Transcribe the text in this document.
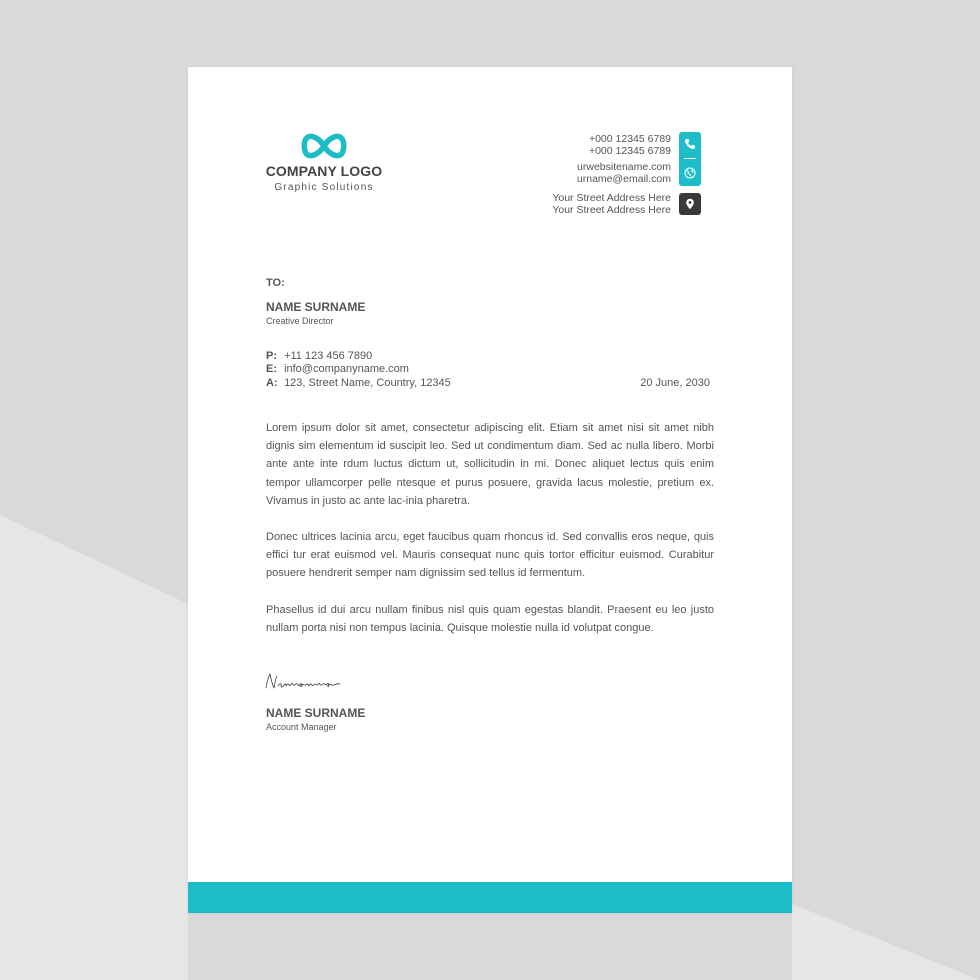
COMPANY LOGO
Graphic Solutions
+000 12345 6789
+000 12345 6789
urwebsitename.com
urname@email.com
Your Street Address Here
Your Street Address Here
TO:
NAME SURNAME
Creative Director
P: +11 123 456 7890
E: info@companyname.com
A: 123, Street Name, Country, 12345	20 June, 2030

Lorem ipsum dolor sit amet, consectetur adipiscing elit. Etiam sit amet nisi sit amet nibh dignis sim elementum id suscipit leo. Sed ut condimentum diam. Sed ac nulla libero. Morbi ante ante inte rdum luctus dictum ut, sollicitudin in mi. Donec aliquet lectus quis enim tempor ullamcorper pelle ntesque et purus posuere, gravida lacus molestie, pretium ex. Vivamus in justo ac ante lac-inia pharetra.

Donec ultrices lacinia arcu, eget faucibus quam rhoncus id. Sed convallis eros neque, quis effici tur erat euismod vel. Mauris consequat nunc quis tortor efficitur euismod. Curabitur posuere hendrerit semper nam dignissim sed tellus id fermentum.

Phasellus id dui arcu nullam finibus nisl quis quam egestas blandit. Praesent eu leo justo nullam porta nisi non tempus lacinia. Quisque molestie nulla id volutpat congue.

NAME SURNAME
Account Manager
